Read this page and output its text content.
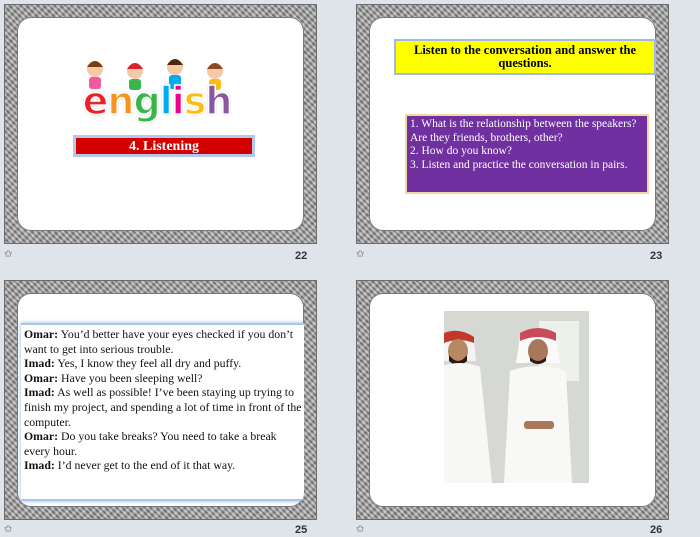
english
4. Listening
✩	22
Listen to the conversation and answer the questions.
1. What is the relationship between the speakers?
Are they friends, brothers, other?
2. How do you know?
3. Listen and practice the conversation in pairs.
✩	23
Omar: You’d better have your eyes checked if you don’t want to get into serious trouble.
Imad: Yes, I know they feel all dry and puffy.
Omar: Have you been sleeping well?
Imad: As well as possible! I’ve been staying up trying to finish my project, and spending a lot of time in front of the computer.
Omar: Do you take breaks? You need to take a break every hour.
Imad: I’d never get to the end of it that way.
✩	25	✩	26
